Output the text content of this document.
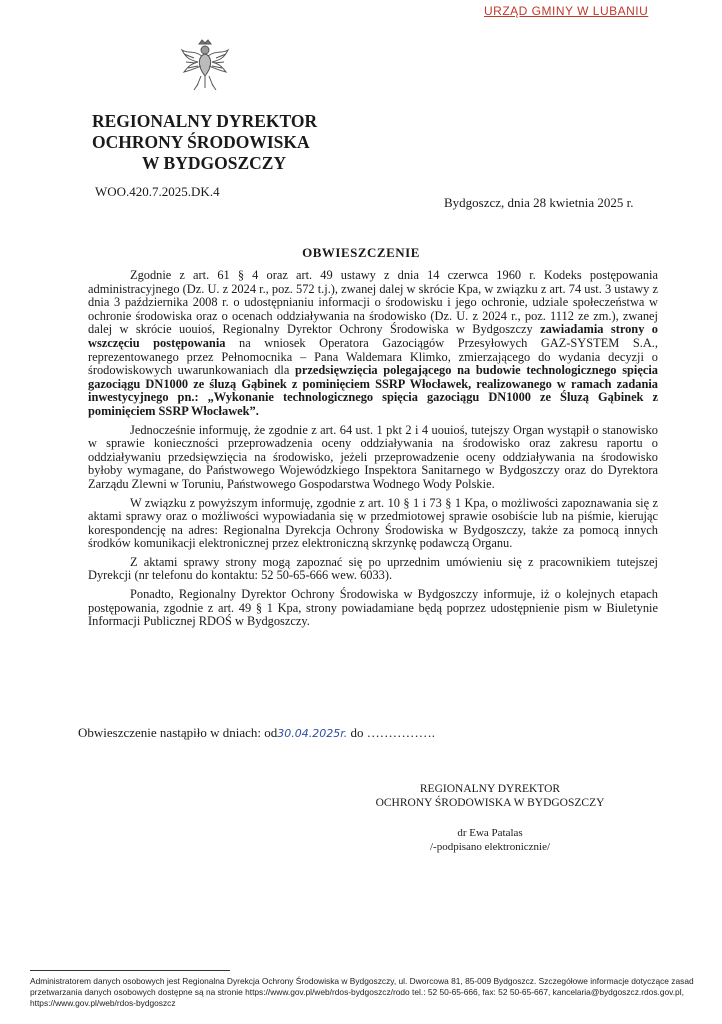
URZĄD GMINY W LUBANIU
REGIONALNY DYREKTOR
OCHRONY ŚRODOWISKA
W BYDGOSZCZY
WOO.420.7.2025.DK.4
Bydgoszcz, dnia 28 kwietnia 2025 r.
OBWIESZCZENIE

Zgodnie z art. 61 § 4 oraz art. 49 ustawy z dnia 14 czerwca 1960 r. Kodeks postępowania administracyjnego (Dz. U. z 2024 r., poz. 572 t.j.), zwanej dalej w skrócie Kpa, w związku z art. 74 ust. 3 ustawy z dnia 3 października 2008 r. o udostępnianiu informacji o środowisku i jego ochronie, udziale społeczeństwa w ochronie środowiska oraz o ocenach oddziaływania na środowisko (Dz. U. z 2024 r., poz. 1112 ze zm.), zwanej dalej w skrócie uouioś, Regionalny Dyrektor Ochrony Środowiska w Bydgoszczy zawiadamia strony o wszczęciu postępowania na wniosek Operatora Gazociągów Przesyłowych GAZ-SYSTEM S.A., reprezentowanego przez Pełnomocnika – Pana Waldemara Klimko, zmierzającego do wydania decyzji o środowiskowych uwarunkowaniach dla przedsięwzięcia polegającego na budowie technologicznego spięcia gazociągu DN1000 ze śluzą Gąbinek z pominięciem SSRP Włocławek, realizowanego w ramach zadania inwestycyjnego pn.: „Wykonanie technologicznego spięcia gazociągu DN1000 ze Śluzą Gąbinek z pominięciem SSRP Włocławek”.

Jednocześnie informuję, że zgodnie z art. 64 ust. 1 pkt 2 i 4 uouioś, tutejszy Organ wystąpił o stanowisko w sprawie konieczności przeprowadzenia oceny oddziaływania na środowisko oraz zakresu raportu o oddziaływaniu przedsięwzięcia na środowisko, jeżeli przeprowadzenie oceny oddziaływania na środowisko byłoby wymagane, do Państwowego Wojewódzkiego Inspektora Sanitarnego w Bydgoszczy oraz do Dyrektora Zarządu Zlewni w Toruniu, Państwowego Gospodarstwa Wodnego Wody Polskie.

W związku z powyższym informuję, zgodnie z art. 10 § 1 i 73 § 1 Kpa, o możliwości zapoznawania się z aktami sprawy oraz o możliwości wypowiadania się w przedmiotowej sprawie osobiście lub na piśmie, kierując korespondencję na adres: Regionalna Dyrekcja Ochrony Środowiska w Bydgoszczy, także za pomocą innych środków komunikacji elektronicznej przez elektroniczną skrzynkę podawczą Organu.

Z aktami sprawy strony mogą zapoznać się po uprzednim umówieniu się z pracownikiem tutejszej Dyrekcji (nr telefonu do kontaktu: 52 50-65-666 wew. 6033).

Ponadto, Regionalny Dyrektor Ochrony Środowiska w Bydgoszczy informuje, iż o kolejnych etapach postępowania, zgodnie z art. 49 § 1 Kpa, strony powiadamiane będą poprzez udostępnienie pism w Biuletynie Informacji Publicznej RDOŚ w Bydgoszczy.

Obwieszczenie nastąpiło w dniach: od30.04.2025r. do …………….
REGIONALNY DYREKTOR
OCHRONY ŚRODOWISKA W BYDGOSZCZY
dr Ewa Patalas
/-podpisano elektronicznie/
Administratorem danych osobowych jest Regionalna Dyrekcja Ochrony Środowiska w Bydgoszczy, ul. Dworcowa 81, 85-009 Bydgoszcz. Szczegółowe informacje dotyczące zasad przetwarzania danych osobowych dostępne są na stronie https://www.gov.pl/web/rdos-bydgoszcz/rodo tel.: 52 50-65-666, fax: 52 50-65-667, kancelaria@bydgoszcz.rdos.gov.pl, https://www.gov.pl/web/rdos-bydgoszcz
